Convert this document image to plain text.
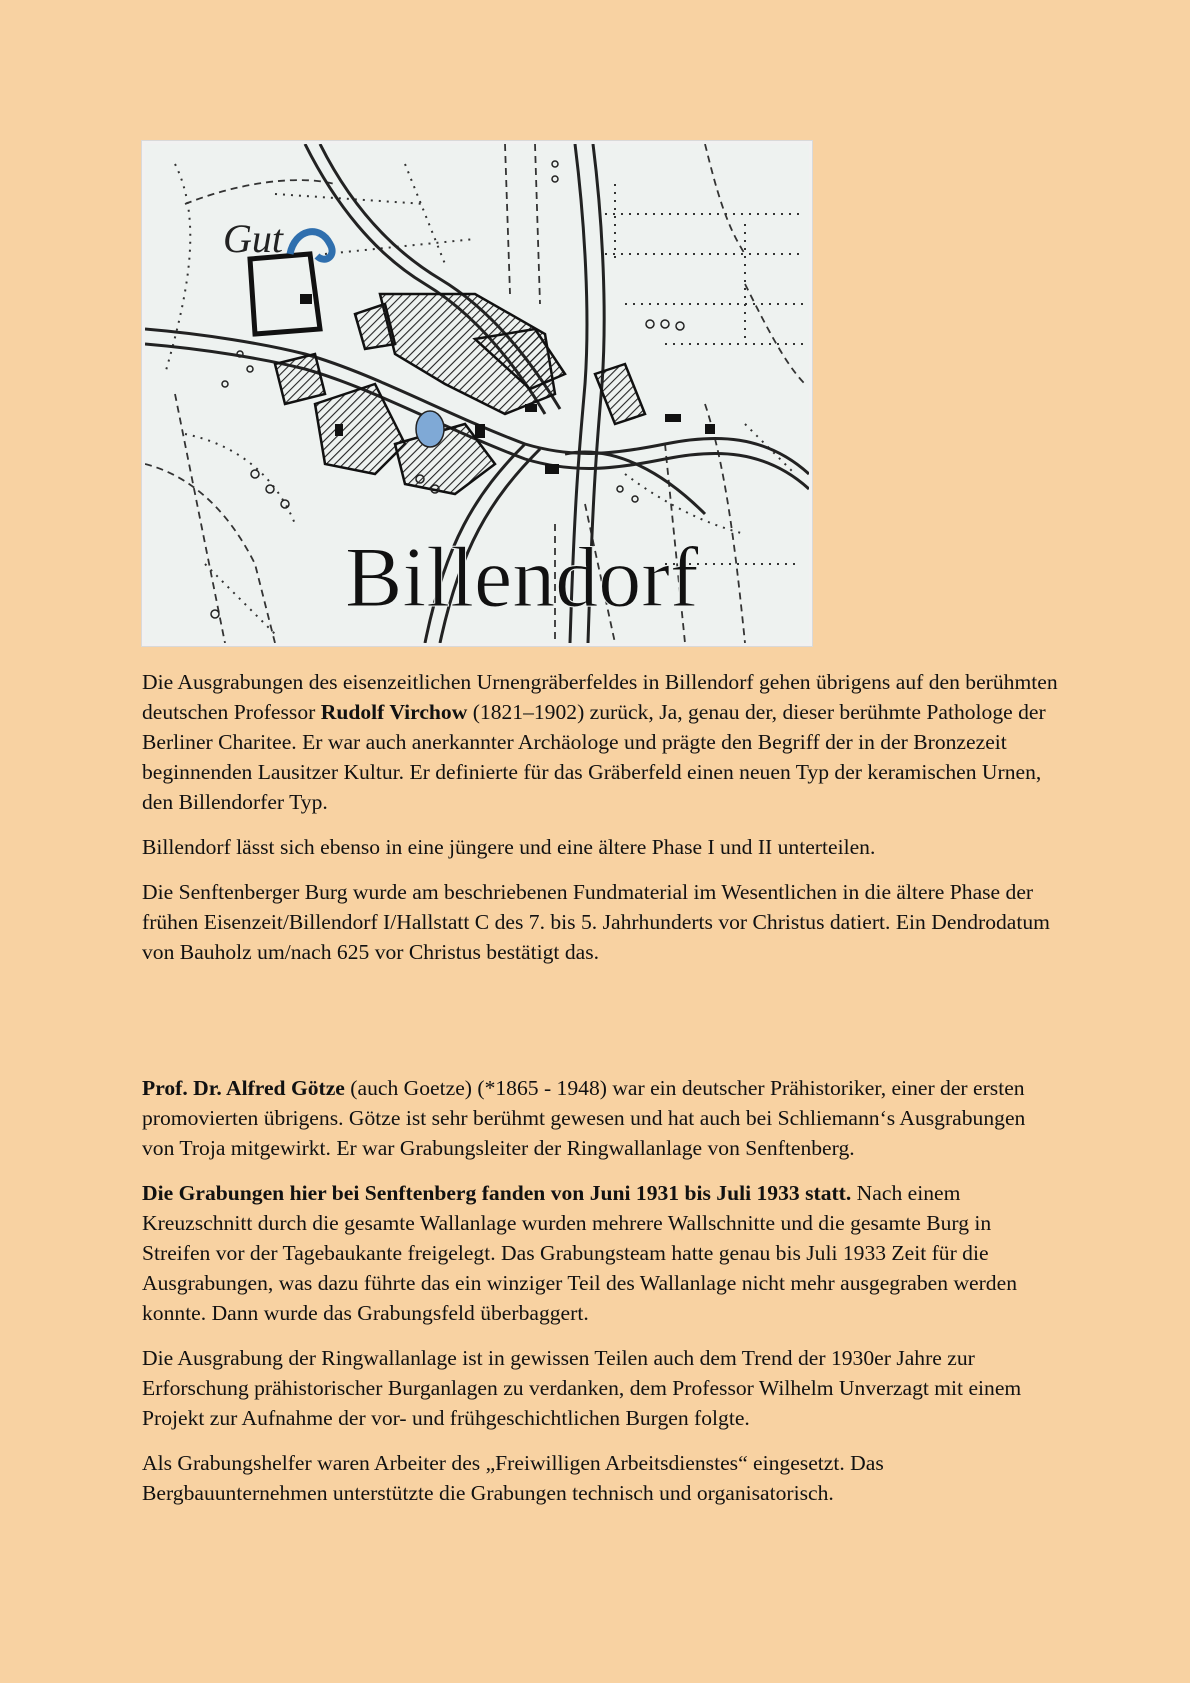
Gut
Billendorf

Die Ausgrabungen des eisenzeitlichen Urnengräberfeldes in Billendorf gehen übrigens auf den berühmten deutschen Professor Rudolf Virchow (1821–1902) zurück, Ja, genau der, dieser berühmte Pathologe der Berliner Charitee. Er war auch anerkannter Archäologe und prägte den Begriff der in der Bronzezeit beginnenden Lausitzer Kultur. Er definierte für das Gräberfeld einen neuen Typ der keramischen Urnen, den Billendorfer Typ.

Billendorf lässt sich ebenso in eine jüngere und eine ältere Phase I und II unterteilen.

Die Senftenberger Burg wurde am beschriebenen Fundmaterial im Wesentlichen in die ältere Phase der frühen Eisenzeit/Billendorf I/Hallstatt C des 7. bis 5. Jahrhunderts vor Christus datiert. Ein Dendrodatum von Bauholz um/nach 625 vor Christus bestätigt das.

Prof. Dr. Alfred Götze (auch Goetze) (*1865 - 1948) war ein deutscher Prähistoriker, einer der ersten promovierten übrigens. Götze ist sehr berühmt gewesen und hat auch bei Schliemann‘s Ausgrabungen von Troja mitgewirkt. Er war Grabungsleiter der Ringwallanlage von Senftenberg.

Die Grabungen hier bei Senftenberg fanden von Juni 1931 bis Juli 1933 statt. Nach einem Kreuzschnitt durch die gesamte Wallanlage wurden mehrere Wallschnitte und die gesamte Burg in Streifen vor der Tagebaukante freigelegt. Das Grabungsteam hatte genau bis Juli 1933 Zeit für die Ausgrabungen, was dazu führte das ein winziger Teil des Wallanlage nicht mehr ausgegraben werden konnte. Dann wurde das Grabungsfeld überbaggert.

Die Ausgrabung der Ringwallanlage ist in gewissen Teilen auch dem Trend der 1930er Jahre zur Erforschung prähistorischer Burganlagen zu verdanken, dem Professor Wilhelm Unverzagt mit einem Projekt zur Aufnahme der vor- und frühgeschichtlichen Burgen folgte.

Als Grabungshelfer waren Arbeiter des „Freiwilligen Arbeitsdienstes“ eingesetzt. Das Bergbauunternehmen unterstützte die Grabungen technisch und organisatorisch.
